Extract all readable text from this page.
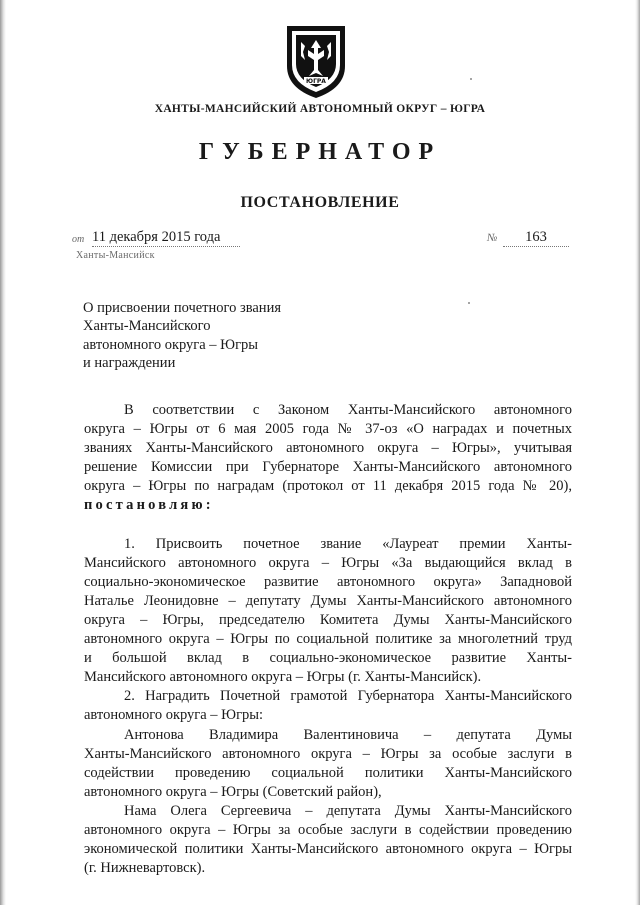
ЮГРА
ХАНТЫ-МАНСИЙСКИЙ АВТОНОМНЫЙ ОКРУГ – ЮГРА
ГУБЕРНАТОР
ПОСТАНОВЛЕНИЕ
от 11 декабря 2015 года	№	163
Ханты-Мансийск
О присвоении почетного звания
Ханты-Мансийского
автономного округа – Югры
и награждении

В соответствии с Законом Ханты-Мансийского автономного

округа – Югры от 6 мая 2005 года № 37-оз «О наградах и почетных

званиях Ханты-Мансийского автономного округа – Югры», учитывая

решение Комиссии при Губернаторе Ханты-Мансийского автономного

округа – Югры по наградам (протокол от 11 декабря 2015 года № 20),

постановляю:

1. Присвоить почетное звание «Лауреат премии Ханты-

Мансийского автономного округа – Югры «За выдающийся вклад в

социально-экономическое развитие автономного округа» Западновой

Наталье Леонидовне – депутату Думы Ханты-Мансийского автономного

округа – Югры, председателю Комитета Думы Ханты-Мансийского

автономного округа – Югры по социальной политике за многолетний труд

и большой вклад в социально-экономическое развитие Ханты-

Мансийского автономного округа – Югры (г. Ханты-Мансийск).

2. Наградить Почетной грамотой Губернатора Ханты-Мансийского

автономного округа – Югры:

Антонова Владимира Валентиновича – депутата Думы

Ханты-Мансийского автономного округа – Югры за особые заслуги в

содействии проведению социальной политики Ханты-Мансийского

автономного округа – Югры (Советский район),

Нама Олега Сергеевича – депутата Думы Ханты-Мансийского

автономного округа – Югры за особые заслуги в содействии проведению

экономической политики Ханты-Мансийского автономного округа – Югры

(г. Нижневартовск).
